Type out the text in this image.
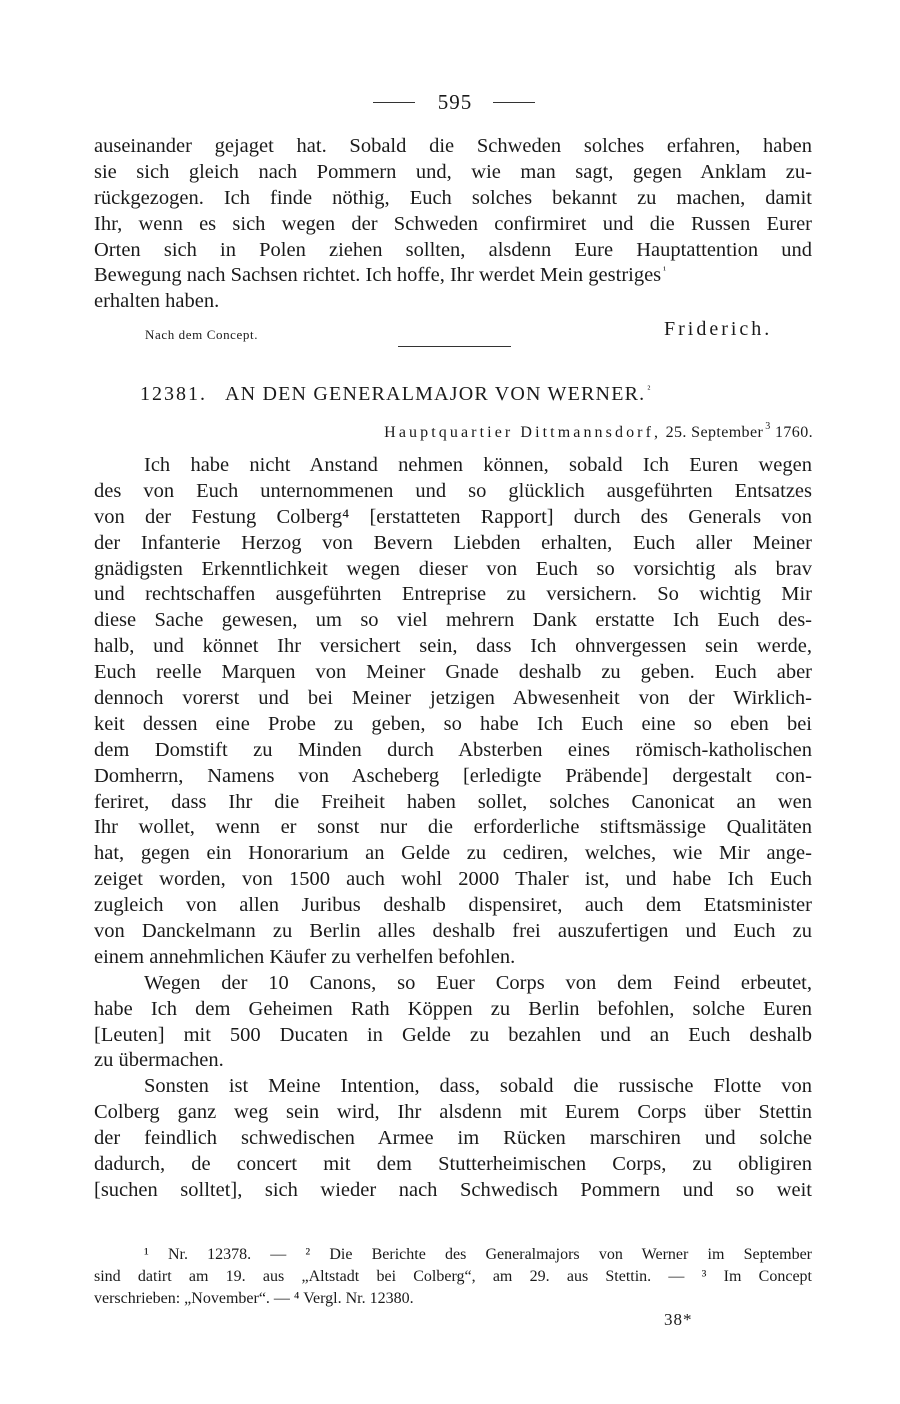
595
auseinander gejaget hat. Sobald die Schweden solches erfahren, haben
sie sich gleich nach Pommern und, wie man sagt, gegen Anklam zu-
rückgezogen. Ich finde nöthig, Euch solches bekannt zu machen, damit
Ihr, wenn es sich wegen der Schweden confirmiret und die Russen Eurer
Orten sich in Polen ziehen sollten, alsdenn Eure Hauptattention und
Bewegung nach Sachsen richtet. Ich hoffe, Ihr werdet Mein gestriges $^{^1}$
erhalten haben.
Nach dem Concept.	Friderich.
12381. AN DEN GENERALMAJOR VON WERNER. $^{^2}$
Hauptquartier Dittmannsdorf, 25. September $^3$ 1760.
Ich habe nicht Anstand nehmen können, sobald Ich Euren wegen
des von Euch unternommenen und so glücklich ausgeführten Entsatzes
von der Festung Colberg⁴ [erstatteten Rapport] durch des Generals von
der Infanterie Herzog von Bevern Liebden erhalten, Euch aller Meiner
gnädigsten Erkenntlichkeit wegen dieser von Euch so vorsichtig als brav
und rechtschaffen ausgeführten Entreprise zu versichern. So wichtig Mir
diese Sache gewesen, um so viel mehrern Dank erstatte Ich Euch des-
halb, und könnet Ihr versichert sein, dass Ich ohnvergessen sein werde,
Euch reelle Marquen von Meiner Gnade deshalb zu geben. Euch aber
dennoch vorerst und bei Meiner jetzigen Abwesenheit von der Wirklich-
keit dessen eine Probe zu geben, so habe Ich Euch eine so eben bei
dem Domstift zu Minden durch Absterben eines römisch-katholischen
Domherrn, Namens von Ascheberg [erledigte Präbende] dergestalt con-
feriret, dass Ihr die Freiheit haben sollet, solches Canonicat an wen
Ihr wollet, wenn er sonst nur die erforderliche stiftsmässige Qualitäten
hat, gegen ein Honorarium an Gelde zu cediren, welches, wie Mir ange-
zeiget worden, von 1500 auch wohl 2000 Thaler ist, und habe Ich Euch
zugleich von allen Juribus deshalb dispensiret, auch dem Etatsminister
von Danckelmann zu Berlin alles deshalb frei auszufertigen und Euch zu
einem annehmlichen Käufer zu verhelfen befohlen.
Wegen der 10 Canons, so Euer Corps von dem Feind erbeutet,
habe Ich dem Geheimen Rath Köppen zu Berlin befohlen, solche Euren
[Leuten] mit 500 Ducaten in Gelde zu bezahlen und an Euch deshalb
zu übermachen.
Sonsten ist Meine Intention, dass, sobald die russische Flotte von
Colberg ganz weg sein wird, Ihr alsdenn mit Eurem Corps über Stettin
der feindlich schwedischen Armee im Rücken marschiren und solche
dadurch, de concert mit dem Stutterheimischen Corps, zu obligiren
[suchen solltet], sich wieder nach Schwedisch Pommern und so weit
¹ Nr. 12378. — ² Die Berichte des Generalmajors von Werner im September
sind datirt am 19. aus „Altstadt bei Colberg“, am 29. aus Stettin. — ³ Im Concept
verschrieben: „November“. — ⁴ Vergl. Nr. 12380.
38*
